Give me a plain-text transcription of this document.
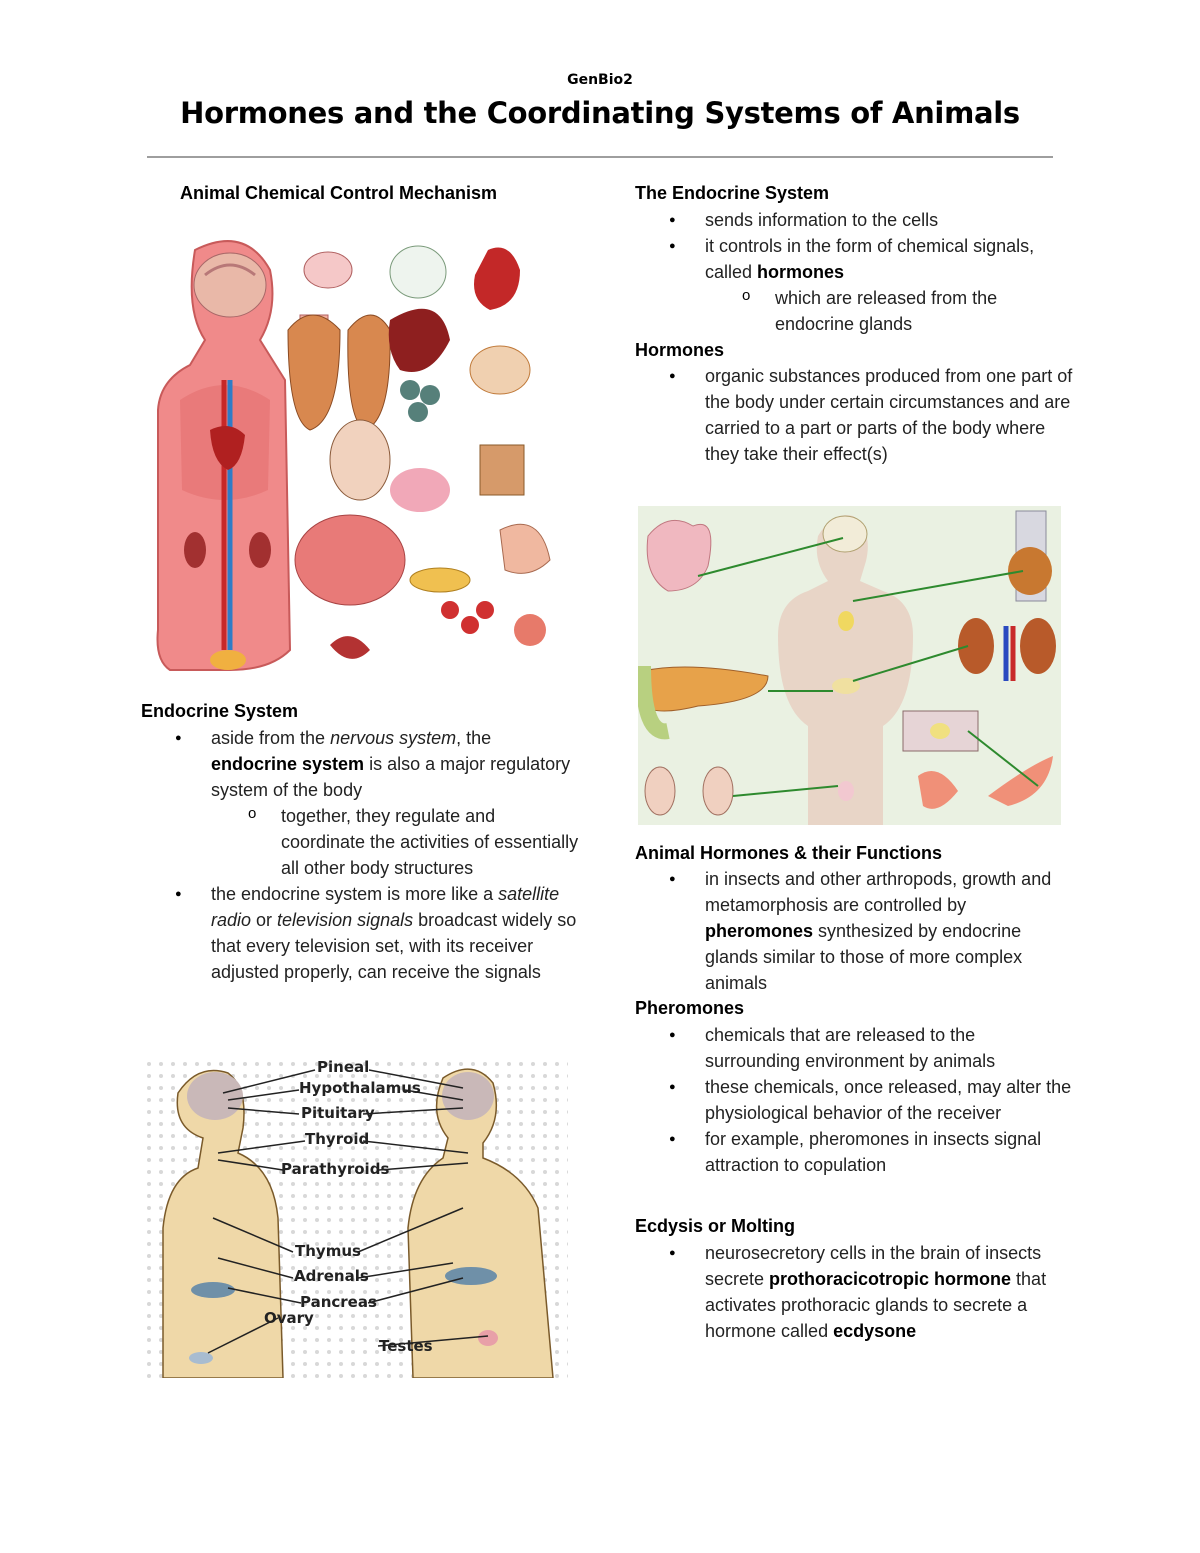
GenBio2
Hormones and the Coordinating Systems of Animals
Animal Chemical Control Mechanism
Endocrine System
● aside from the nervous system, the endocrine system is also a major regulatory system of the body
o together, they regulate and coordinate the activities of essentially all other body structures
● the endocrine system is more like a satellite radio or television signals broadcast widely so that every television set, with its receiver adjusted properly, can receive the signals
Pineal
Hypothalamus
Pituitary
Thyroid
Parathyroids
Thymus
Adrenals
Pancreas
Ovary
Testes
The Endocrine System
● sends information to the cells
● it controls in the form of chemical signals, called hormones
o which are released from the endocrine glands
Hormones
● organic substances produced from one part of the body under certain circumstances and are carried to a part or parts of the body where they take their effect(s)
Animal Hormones & their Functions
● in insects and other arthropods, growth and metamorphosis are controlled by pheromones synthesized by endocrine glands similar to those of more complex animals
Pheromones
● chemicals that are released to the surrounding environment by animals
● these chemicals, once released, may alter the physiological behavior of the receiver
● for example, pheromones in insects signal attraction to copulation
Ecdysis or Molting
● neurosecretory cells in the brain of insects secrete prothoracicotropic hormone that activates prothoracic glands to secrete a hormone called ecdysone
